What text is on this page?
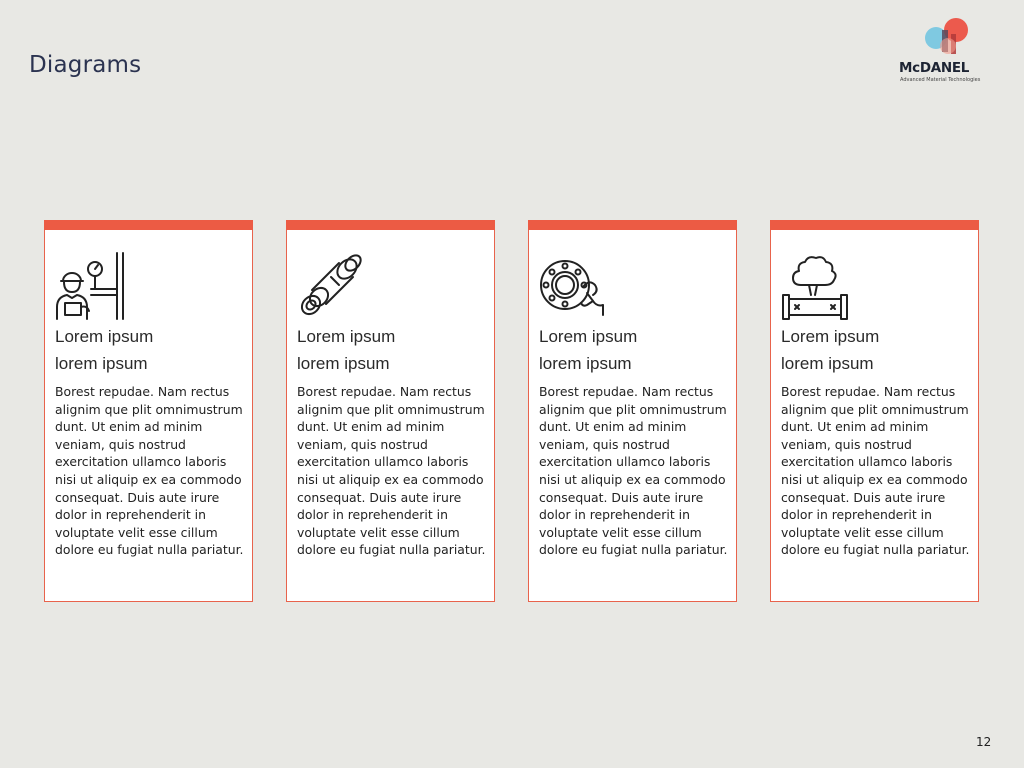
Diagrams	McDANEL
Advanced Material Technologies
Lorem ipsum
lorem ipsum
Borest repudae. Nam rectus alignim que plit omnimustrum dunt. Ut enim ad minim veniam, quis nostrud exercitation ullamco laboris nisi ut aliquip ex ea commodo consequat. Duis aute irure dolor in reprehenderit in voluptate velit esse cillum dolore eu fugiat nulla pariatur.
Lorem ipsum
lorem ipsum
Borest repudae. Nam rectus alignim que plit omnimustrum dunt. Ut enim ad minim veniam, quis nostrud exercitation ullamco laboris nisi ut aliquip ex ea commodo consequat. Duis aute irure dolor in reprehenderit in voluptate velit esse cillum dolore eu fugiat nulla pariatur.
Lorem ipsum
lorem ipsum
Borest repudae. Nam rectus alignim que plit omnimustrum dunt. Ut enim ad minim veniam, quis nostrud exercitation ullamco laboris nisi ut aliquip ex ea commodo consequat. Duis aute irure dolor in reprehenderit in voluptate velit esse cillum dolore eu fugiat nulla pariatur.
Lorem ipsum
lorem ipsum
Borest repudae. Nam rectus alignim que plit omnimustrum dunt. Ut enim ad minim veniam, quis nostrud exercitation ullamco laboris nisi ut aliquip ex ea commodo consequat. Duis aute irure dolor in reprehenderit in voluptate velit esse cillum dolore eu fugiat nulla pariatur.
12
